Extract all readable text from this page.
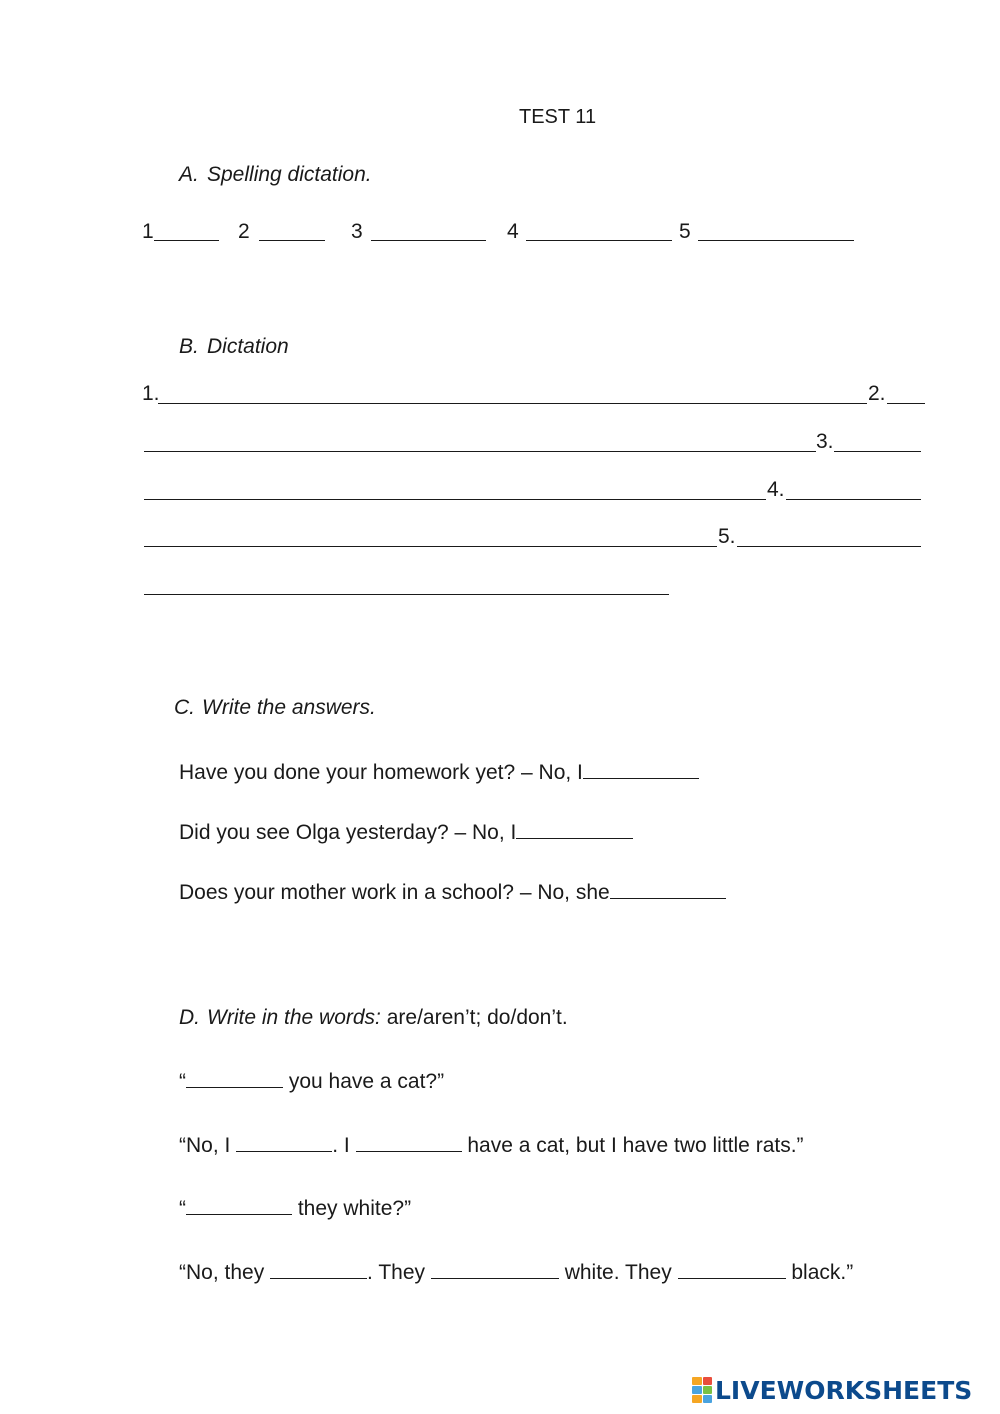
TEST 11
A. Spelling dictation.
1	2	3	4	5
B. Dictation
1.	2.
3.
4.
5.
C. Write the answers.
Have you done your homework yet? – No, I
Did you see Olga yesterday? – No, I
Does your mother work in a school? – No, she
D. Write in the words: are/aren’t; do/don’t.
“	you have a cat?”
“No, I	. I	have a cat, but I have two little rats.”
“	they white?”
“No, they	. They	white. They	black.”
LIVEWORKSHEETS
